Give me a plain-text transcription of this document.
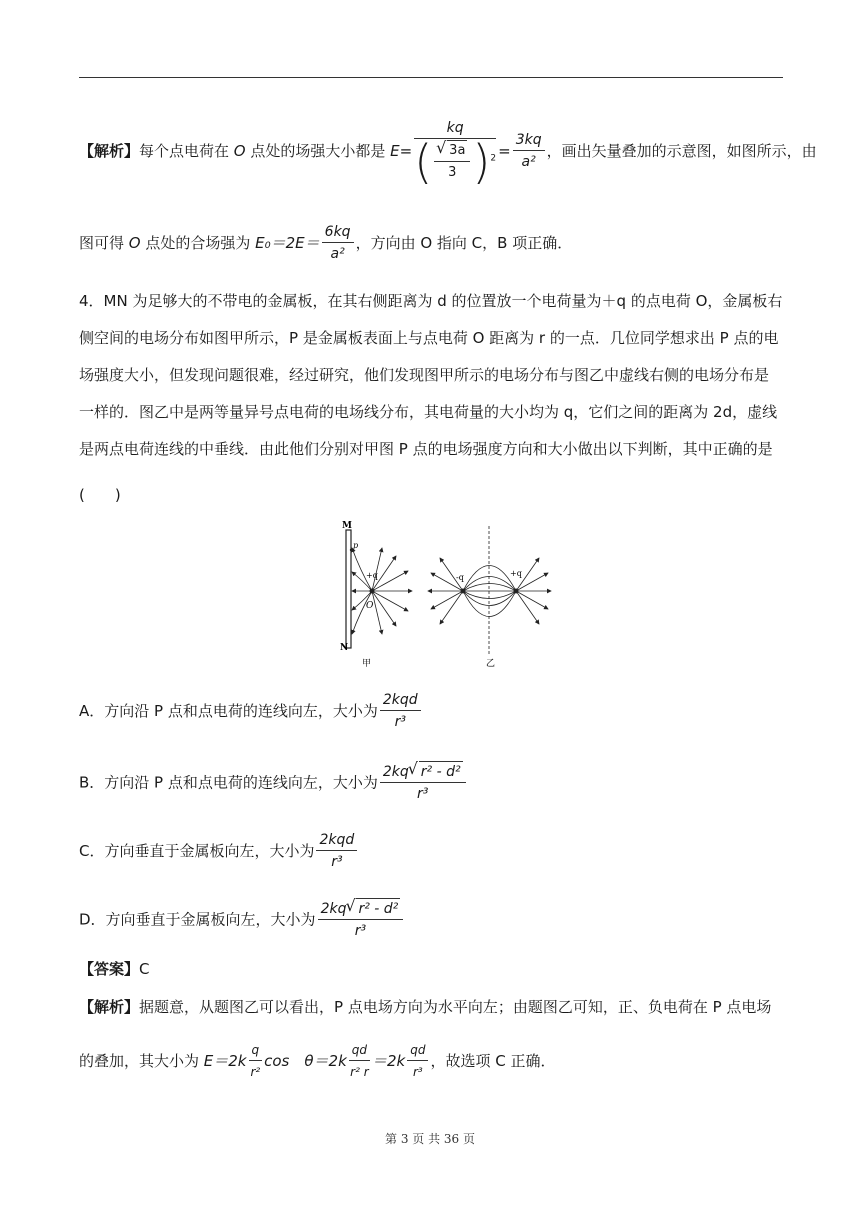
【解析】每个点电荷在 O 点处的场强大小都是 E= kq
(
√ $\frac{3a}{3} )^2 = \frac{3kq}{\text{a²}}$ ，画出矢量叠加的示意图，如图所示，由
图可得 O 点处的合场强为 $E_0=2E= \frac{6kq}{\text{a²}}$ ，方向由 O 指向 C，B 项正确．
4．MN 为足够大的不带电的金属板，在其右侧距离为 d 的位置放一个电荷量为＋q 的点电荷 O，金属板右
侧空间的电场分布如图甲所示，P 是金属板表面上与点电荷 O 距离为 r 的一点．几位同学想求出 P 点的电
场强度大小，但发现问题很难，经过研究，他们发现图甲所示的电场分布与图乙中虚线右侧的电场分布是
一样的．图乙中是两等量异号点电荷的电场线分布，其电荷量的大小均为 q，它们之间的距离为 2d，虚线
是两点电荷连线的中垂线．由此他们分别对甲图 P 点的电场强度方向和大小做出以下判断，其中正确的是
(　　)
M
N
p
+q
O
甲
-q	+q
乙
A．方向沿 P 点和点电荷的连线向左，大小为 $\frac{\text{2kqd}}{\text{r³}}$
B．方向沿 P 点和点电荷的连线向左，大小为 $\frac{\text{2kq√ r² - d²}}{\text{r³}}$
C．方向垂直于金属板向左，大小为 $\frac{\text{2kqd}}{\text{r³}}$
D．方向垂直于金属板向左，大小为 $\frac{\text{2kq√ r² - d²}}{\text{r³}}$
【答案】C
【解析】据题意，从题图乙可以看出，P 点电场方向为水平向左；由题图乙可知，正、负电荷在 P 点电场
的叠加，其大小为 $E=2k \frac{q}{\text{r²}}$ cos　$\theta=2k \frac{qd}{\text{r² r}} =2k \frac{qd}{\text{r³}}$ ，故选项 C 正确．
第 3 页 共 36 页
